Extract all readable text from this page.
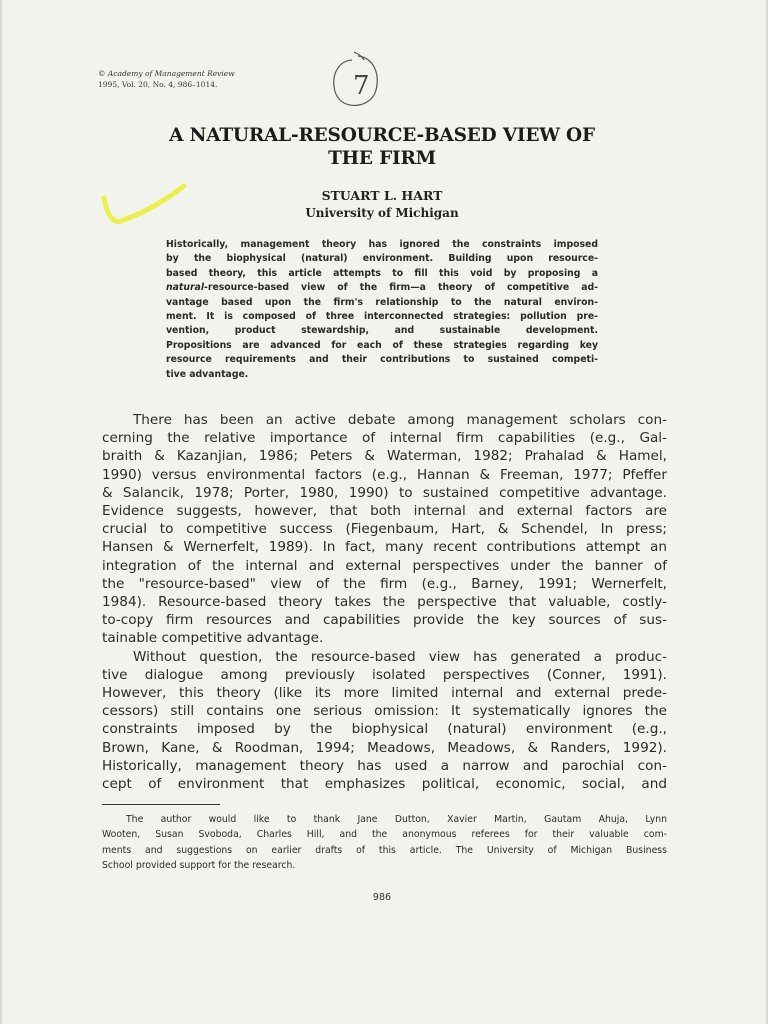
© Academy of Management Review
1995, Vol. 20, No. 4, 986–1014.	7
A NATURAL-RESOURCE-BASED VIEW OF
THE FIRM
STUART L. HART
University of Michigan
Historically, management theory has ignored the constraints imposed
by the biophysical (natural) environment. Building upon resource-
based theory, this article attempts to fill this void by proposing a
natural-resource-based view of the firm—a theory of competitive ad-
vantage based upon the firm's relationship to the natural environ-
ment. It is composed of three interconnected strategies: pollution pre-
vention, product stewardship, and sustainable development.
Propositions are advanced for each of these strategies regarding key
resource requirements and their contributions to sustained competi-
tive advantage.
There has been an active debate among management scholars con-
cerning the relative importance of internal firm capabilities (e.g., Gal-
braith & Kazanjian, 1986; Peters & Waterman, 1982; Prahalad & Hamel,
1990) versus environmental factors (e.g., Hannan & Freeman, 1977; Pfeffer
& Salancik, 1978; Porter, 1980, 1990) to sustained competitive advantage.
Evidence suggests, however, that both internal and external factors are
crucial to competitive success (Fiegenbaum, Hart, & Schendel, In press;
Hansen & Wernerfelt, 1989). In fact, many recent contributions attempt an
integration of the internal and external perspectives under the banner of
the "resource-based" view of the firm (e.g., Barney, 1991; Wernerfelt,
1984). Resource-based theory takes the perspective that valuable, costly-
to-copy firm resources and capabilities provide the key sources of sus-
tainable competitive advantage.
Without question, the resource-based view has generated a produc-
tive dialogue among previously isolated perspectives (Conner, 1991).
However, this theory (like its more limited internal and external prede-
cessors) still contains one serious omission: It systematically ignores the
constraints imposed by the biophysical (natural) environment (e.g.,
Brown, Kane, & Roodman, 1994; Meadows, Meadows, & Randers, 1992).
Historically, management theory has used a narrow and parochial con-
cept of environment that emphasizes political, economic, social, and
The author would like to thank Jane Dutton, Xavier Martin, Gautam Ahuja, Lynn
Wooten, Susan Svoboda, Charles Hill, and the anonymous referees for their valuable com-
ments and suggestions on earlier drafts of this article. The University of Michigan Business
School provided support for the research.
986
